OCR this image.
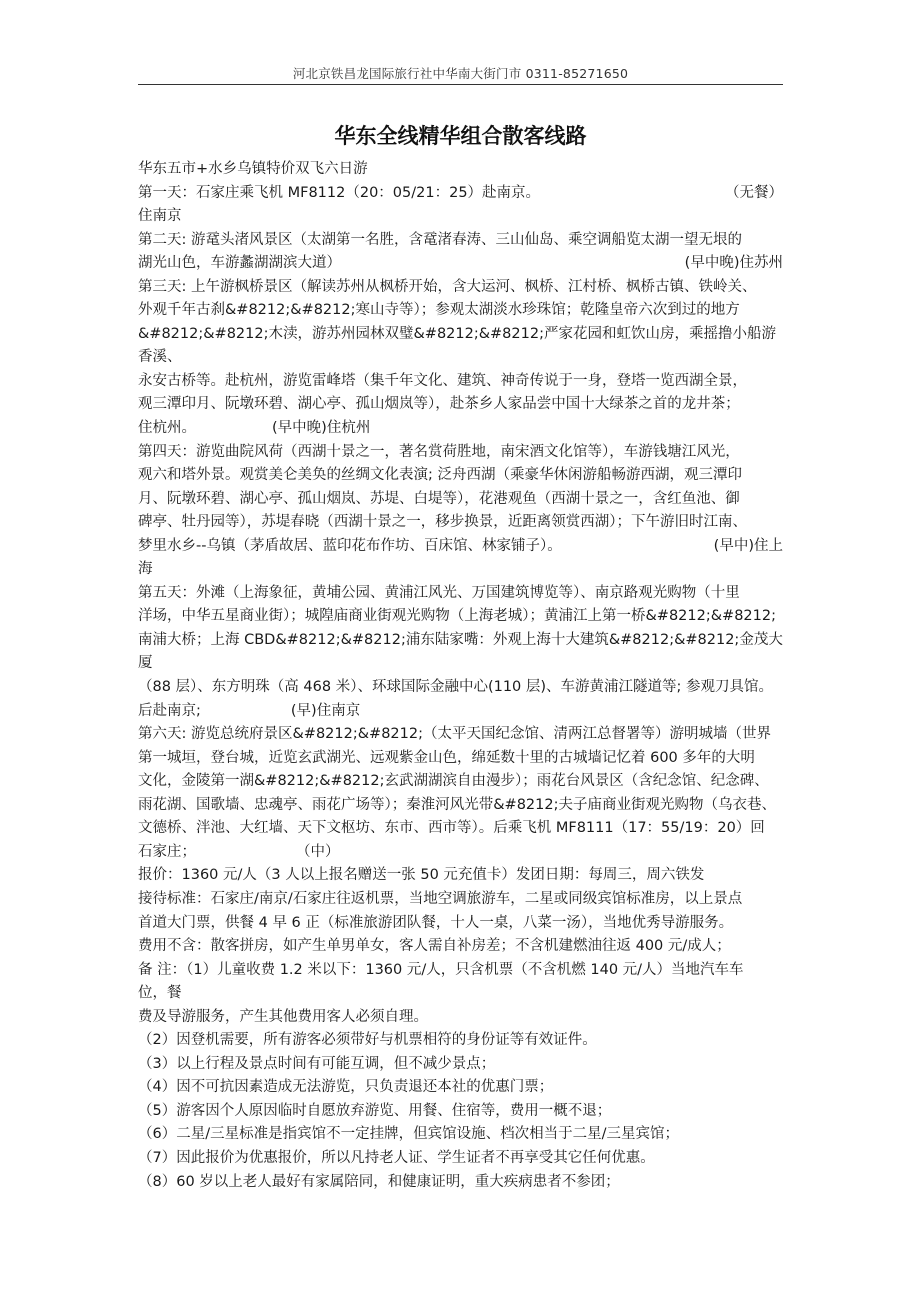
河北京铁昌龙国际旅行社中华南大街门市 0311-85271650
华东全线精华组合散客线路

华东五市+水乡乌镇特价双飞六日游

第一天：石家庄乘飞机 MF8112（20：05/21：25）赴南京。	（无餐）

住南京

第二天: 游鼋头渚风景区（太湖第一名胜，含鼋渚春涛、三山仙岛、乘空调船览太湖一望无垠的

湖光山色，车游蠡湖湖滨大道）	(早中晚)住苏州

第三天: 上午游枫桥景区（解读苏州从枫桥开始，含大运河、枫桥、江村桥、枫桥古镇、铁岭关、

外观千年古刹&#8212;&#8212;寒山寺等）；参观太湖淡水珍珠馆；乾隆皇帝六次到过的地方

&#8212;&#8212;木渎，游苏州园林双璧&#8212;&#8212;严家花园和虹饮山房，乘摇撸小船游香溪、

永安古桥等。赴杭州，游览雷峰塔（集千年文化、建筑、神奇传说于一身，登塔一览西湖全景，

观三潭印月、阮墩环碧、湖心亭、孤山烟岚等），赴茶乡人家品尝中国十大绿茶之首的龙井茶；

住杭州。	(早中晚)住杭州

第四天：游览曲院风荷（西湖十景之一，著名赏荷胜地，南宋酒文化馆等），车游钱塘江风光，

观六和塔外景。观赏美仑美奂的丝绸文化表演; 泛舟西湖（乘豪华休闲游船畅游西湖，观三潭印

月、阮墩环碧、湖心亭、孤山烟岚、苏堤、白堤等），花港观鱼（西湖十景之一，含红鱼池、御

碑亭、牡丹园等），苏堤春晓（西湖十景之一，移步换景，近距离领赏西湖）；下午游旧时江南、

梦里水乡--乌镇（茅盾故居、蓝印花布作坊、百床馆、林家铺子）。	(早中)住上

海

第五天：外滩（上海象征，黄埔公园、黄浦江风光、万国建筑博览等）、南京路观光购物（十里

洋场，中华五星商业街）；城隍庙商业街观光购物（上海老城）；黄浦江上第一桥&#8212;&#8212;

南浦大桥；上海 CBD&#8212;&#8212;浦东陆家嘴：外观上海十大建筑&#8212;&#8212;金茂大厦

（88 层）、东方明珠（高 468 米）、环球国际金融中心(110 层)、车游黄浦江隧道等; 参观刀具馆。

后赴南京;	(早)住南京

第六天: 游览总统府景区&#8212;&#8212;（太平天国纪念馆、清两江总督署等）游明城墙（世界

第一城垣，登台城，近览玄武湖光、远观紫金山色，绵延数十里的古城墙记忆着 600 多年的大明

文化，金陵第一湖&#8212;&#8212;玄武湖湖滨自由漫步）；雨花台风景区（含纪念馆、纪念碑、

雨花湖、国歌墙、忠魂亭、雨花广场等）；秦淮河风光带&#8212;夫子庙商业街观光购物（乌衣巷、

文德桥、泮池、大红墙、天下文枢坊、东市、西市等）。后乘飞机 MF8111（17：55/19：20）回

石家庄；	（中）

报价：1360 元/人（3 人以上报名赠送一张 50 元充值卡）发团日期：每周三，周六铁发

接待标准：石家庄/南京/石家庄往返机票，当地空调旅游车，二星或同级宾馆标准房，以上景点

首道大门票，供餐 4 早 6 正（标准旅游团队餐，十人一桌，八菜一汤），当地优秀导游服务。

费用不含：散客拼房，如产生单男单女，客人需自补房差；不含机建燃油往返 400 元/成人；

备 注：（1）儿童收费 1.2 米以下：1360 元/人，只含机票（不含机燃 140 元/人）当地汽车车

位，餐

费及导游服务，产生其他费用客人必须自理。

（2）因登机需要，所有游客必须带好与机票相符的身份证等有效证件。

（3）以上行程及景点时间有可能互调，但不减少景点；

（4）因不可抗因素造成无法游览，只负责退还本社的优惠门票；

（5）游客因个人原因临时自愿放弃游览、用餐、住宿等，费用一概不退；

（6）二星/三星标准是指宾馆不一定挂牌，但宾馆设施、档次相当于二星/三星宾馆；

（7）因此报价为优惠报价，所以凡持老人证、学生证者不再享受其它任何优惠。

（8）60 岁以上老人最好有家属陪同，和健康证明，重大疾病患者不参团；
